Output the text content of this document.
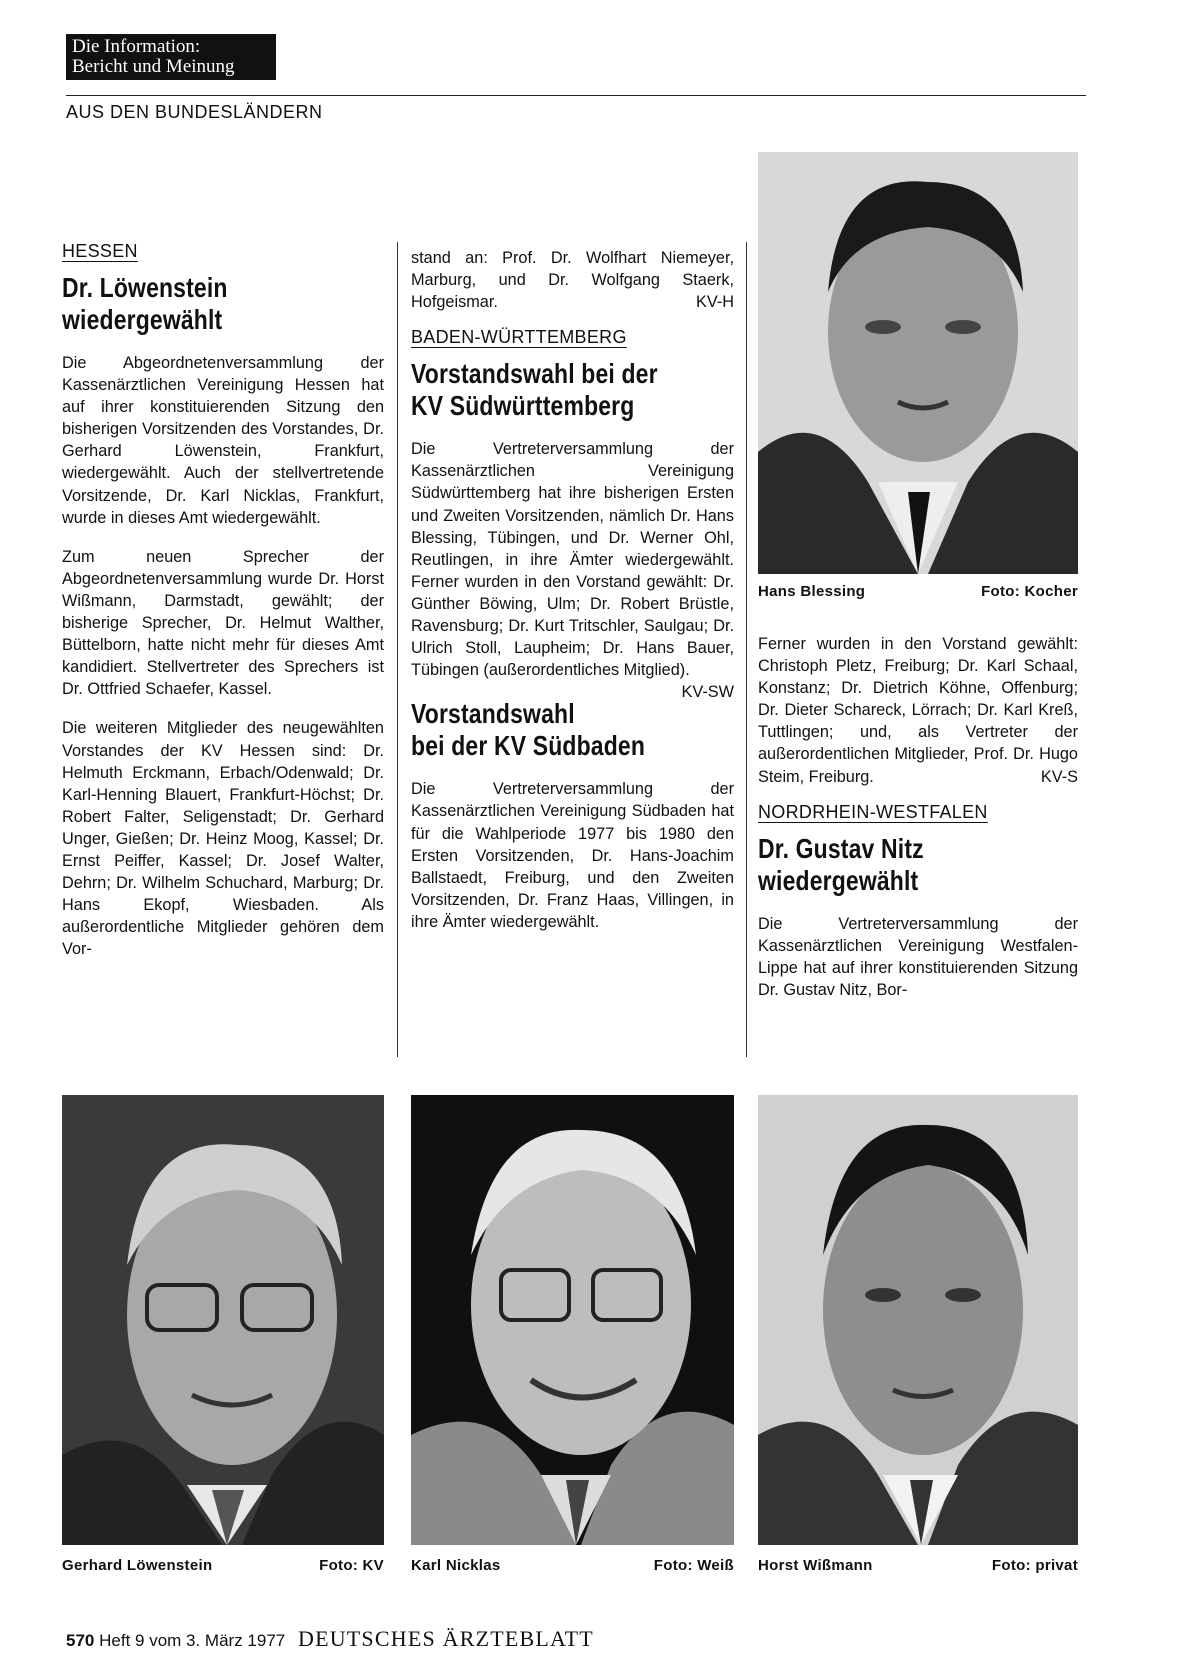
Die Information:
Bericht und Meinung
AUS DEN BUNDESLÄNDERN
HESSEN
Dr. Löwenstein
wiedergewählt

Die Abgeordnetenversammlung der Kassenärztlichen Vereinigung Hessen hat auf ihrer konstituierenden Sitzung den bisherigen Vorsitzenden des Vorstandes, Dr. Gerhard Löwenstein, Frankfurt, wiedergewählt. Auch der stellvertretende Vorsitzende, Dr. Karl Nicklas, Frankfurt, wurde in dieses Amt wiedergewählt.

Zum neuen Sprecher der Abgeordnetenversammlung wurde Dr. Horst Wißmann, Darmstadt, gewählt; der bisherige Sprecher, Dr. Helmut Walther, Büttelborn, hatte nicht mehr für dieses Amt kandidiert. Stellvertreter des Sprechers ist Dr. Ottfried Schaefer, Kassel.

Die weiteren Mitglieder des neugewählten Vorstandes der KV Hessen sind: Dr. Helmuth Erckmann, Erbach/Odenwald; Dr. Karl-Henning Blauert, Frankfurt-Höchst; Dr. Robert Falter, Seligenstadt; Dr. Gerhard Unger, Gießen; Dr. Heinz Moog, Kassel; Dr. Ernst Peiffer, Kassel; Dr. Josef Walter, Dehrn; Dr. Wilhelm Schuchard, Marburg; Dr. Hans Ekopf, Wiesbaden. Als außerordentliche Mitglieder gehören dem Vor-

stand an: Prof. Dr. Wolfhart Niemeyer, Marburg, und Dr. Wolfgang Staerk, Hofgeismar.	KV-H

BADEN-WÜRTTEMBERG
Vorstandswahl bei der
KV Südwürttemberg

Die Vertreterversammlung der Kassenärztlichen Vereinigung Südwürttemberg hat ihre bisherigen Ersten und Zweiten Vorsitzenden, nämlich Dr. Hans Blessing, Tübingen, und Dr. Werner Ohl, Reutlingen, in ihre Ämter wiedergewählt. Ferner wurden in den Vorstand gewählt: Dr. Günther Böwing, Ulm; Dr. Robert Brüstle, Ravensburg; Dr. Kurt Tritschler, Saulgau; Dr. Ulrich Stoll, Laupheim; Dr. Hans Bauer, Tübingen (außerordentliches Mitglied).
KV-SW

Vorstandswahl
bei der KV Südbaden

Die Vertreterversammlung der Kassenärztlichen Vereinigung Südbaden hat für die Wahlperiode 1977 bis 1980 den Ersten Vorsitzenden, Dr. Hans-Joachim Ballstaedt, Freiburg, und den Zweiten Vorsitzenden, Dr. Franz Haas, Villingen, in ihre Ämter wiedergewählt.

Hans Blessing	Foto: Kocher

Ferner wurden in den Vorstand gewählt: Christoph Pletz, Freiburg; Dr. Karl Schaal, Konstanz; Dr. Dietrich Köhne, Offenburg; Dr. Dieter Schareck, Lörrach; Dr. Karl Kreß, Tuttlingen; und, als Vertreter der außerordentlichen Mitglieder, Prof. Dr. Hugo Steim, Freiburg.	KV-S

NORDRHEIN-WESTFALEN
Dr. Gustav Nitz
wiedergewählt

Die Vertreterversammlung der Kassenärztlichen Vereinigung Westfalen-Lippe hat auf ihrer konstituierenden Sitzung Dr. Gustav Nitz, Bor-

Gerhard Löwenstein	Foto: KV Karl Nicklas	Foto: Weiß Horst Wißmann	Foto: privat
570 Heft 9 vom 3. März 1977 DEUTSCHES ÄRZTEBLATT
